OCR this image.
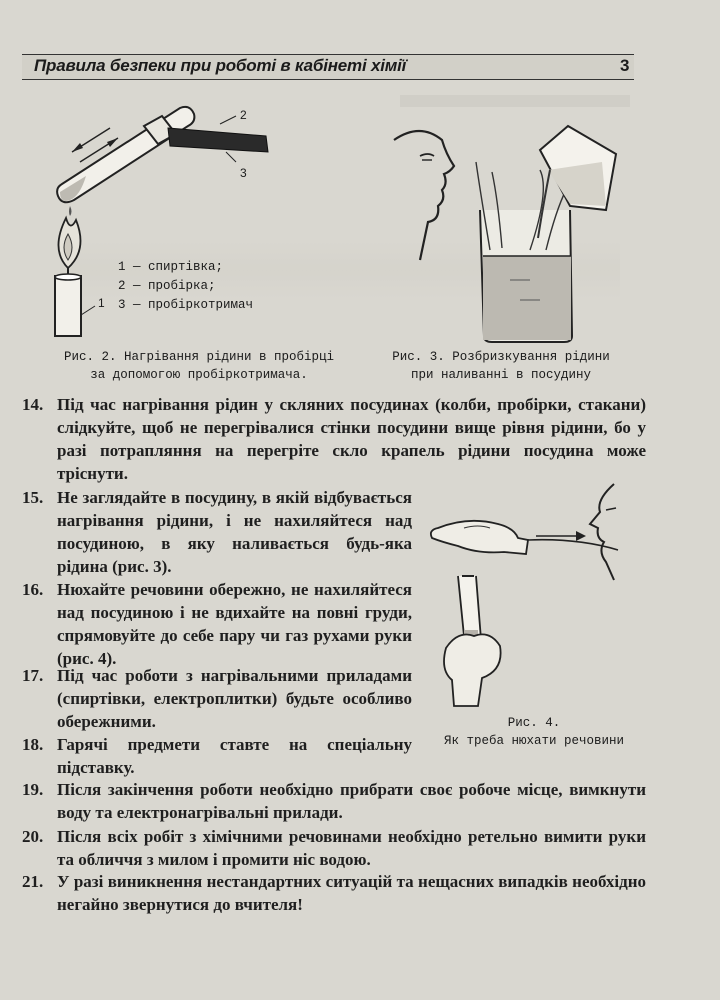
Правила безпеки при роботі в кабінеті хімії	3
1
2
3
1 — спиртівка;
2 — пробірка;
3 — пробіркотримач
Рис. 2. Нагрівання рідини в пробірці
за допомогою пробіркотримача.
Рис. 3. Розбризкування рідини
при наливанні в посудину
Рис. 4.
Як треба нюхати речовини
14. Під час нагрівання рідин у скляних посудинах (колби, пробірки, стакани) слідкуйте, щоб не перегрівалися стінки посудини вище рівня рідини, бо у разі потрапляння на перегріте скло крапель рідини посудина може тріснути.
15. Не заглядайте в посудину, в якій відбувається нагрівання рідини, і не нахиляйтеся над посудиною, в яку наливається будь-яка рідина (рис. 3).
16. Нюхайте речовини обережно, не нахиляйтеся над посудиною і не вдихайте на повні груди, спрямовуйте до себе пару чи газ рухами руки (рис. 4).
17. Під час роботи з нагрівальними приладами (спиртівки, електроплитки) будьте особливо обережними.
18. Гарячі предмети ставте на спеціальну підставку.
19. Після закінчення роботи необхідно прибрати своє робоче місце, вимкнути воду та електронагрівальні прилади.
20. Після всіх робіт з хімічними речовинами необхідно ретельно вимити руки та обличчя з милом і промити ніс водою.
21. У разі виникнення нестандартних ситуацій та нещасних випадків необхідно негайно звернутися до вчителя!
